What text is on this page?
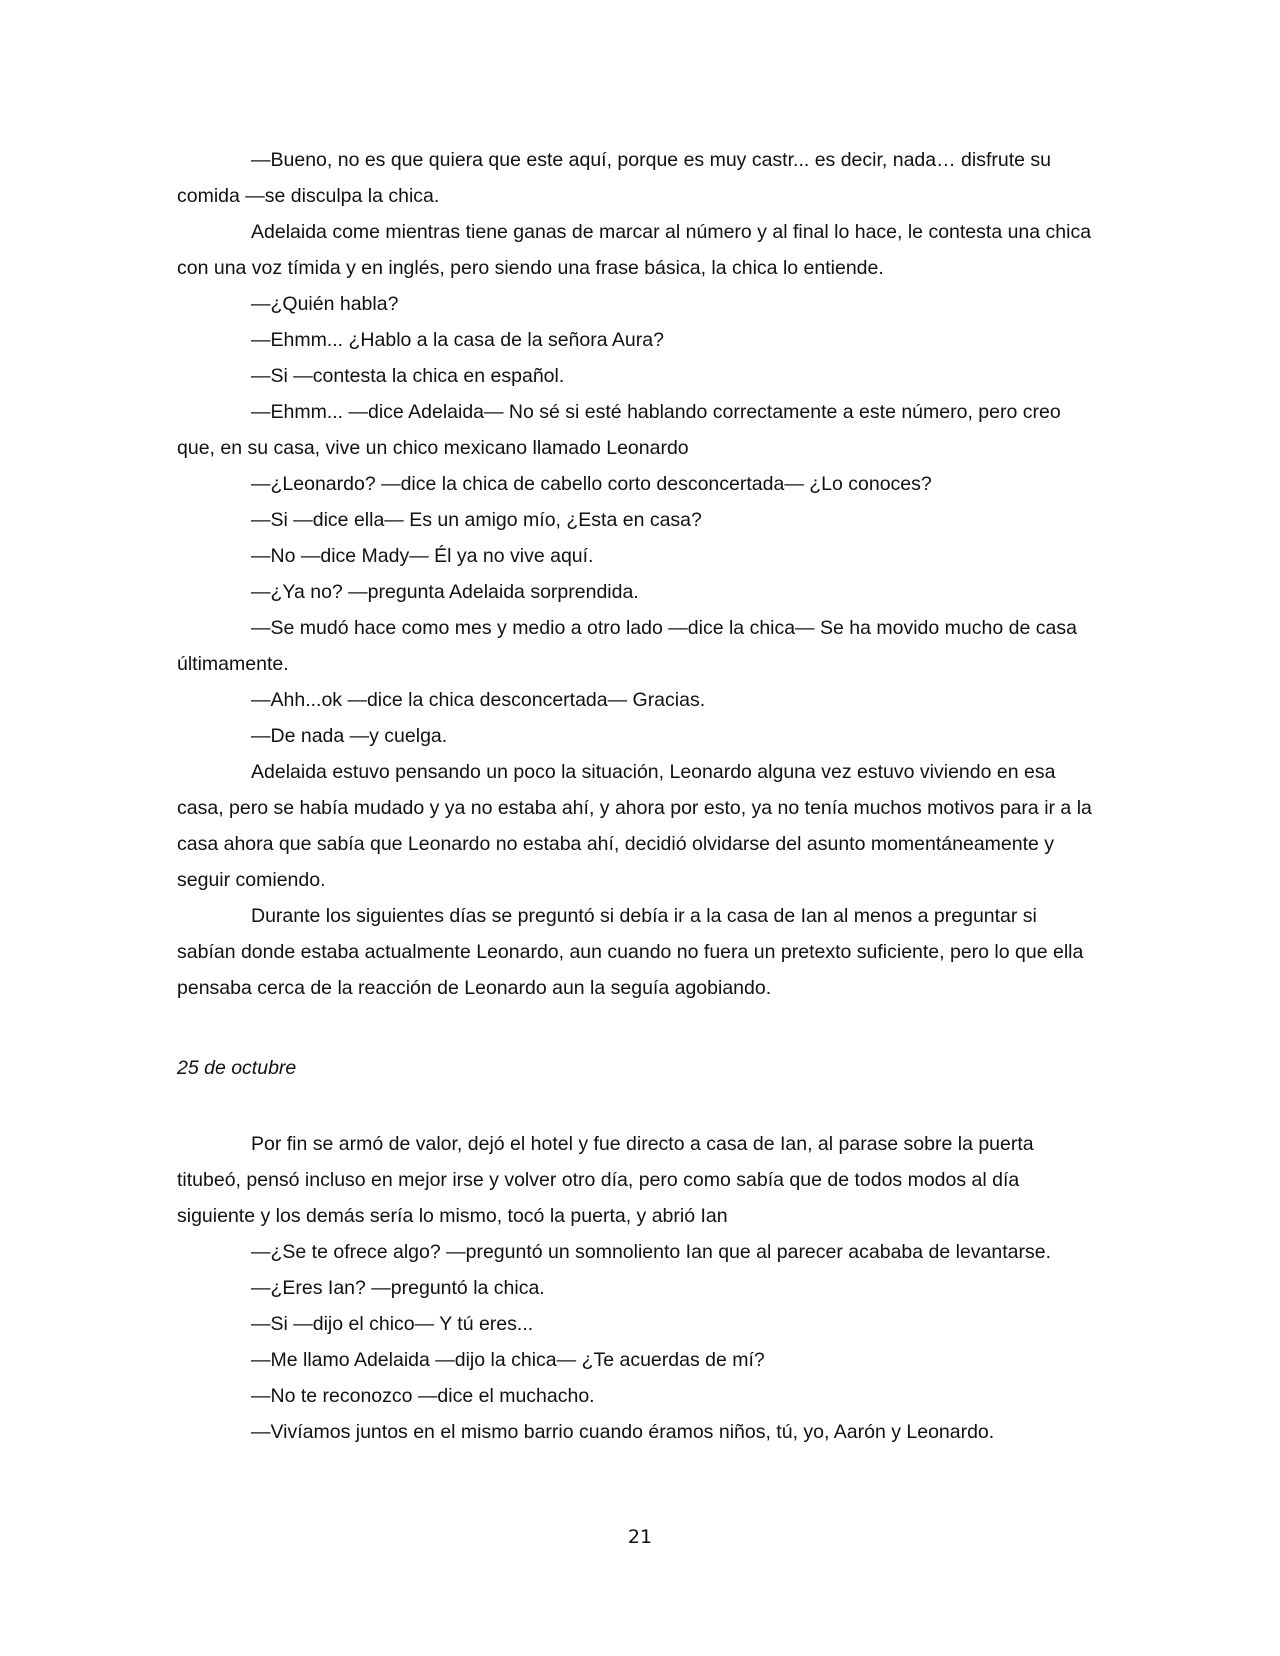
—Bueno, no es que quiera que este aquí, porque es muy castr... es decir, nada… disfrute su comida —se disculpa la chica.

Adelaida come mientras tiene ganas de marcar al número y al final lo hace, le contesta una chica con una voz tímida y en inglés, pero siendo una frase básica, la chica lo entiende.

—¿Quién habla?

—Ehmm... ¿Hablo a la casa de la señora Aura?

—Si —contesta la chica en español.

—Ehmm... —dice Adelaida— No sé si esté hablando correctamente a este número, pero creo que, en su casa, vive un chico mexicano llamado Leonardo

—¿Leonardo? —dice la chica de cabello corto desconcertada— ¿Lo conoces?

—Si —dice ella— Es un amigo mío, ¿Esta en casa?

—No —dice Mady— Él ya no vive aquí.

—¿Ya no? —pregunta Adelaida sorprendida.

—Se mudó hace como mes y medio a otro lado —dice la chica— Se ha movido mucho de casa últimamente.

—Ahh...ok —dice la chica desconcertada— Gracias.

—De nada —y cuelga.

Adelaida estuvo pensando un poco la situación, Leonardo alguna vez estuvo viviendo en esa casa, pero se había mudado y ya no estaba ahí, y ahora por esto, ya no tenía muchos motivos para ir a la casa ahora que sabía que Leonardo no estaba ahí, decidió olvidarse del asunto momentáneamente y seguir comiendo.

Durante los siguientes días se preguntó si debía ir a la casa de Ian al menos a preguntar si sabían donde estaba actualmente Leonardo, aun cuando no fuera un pretexto suficiente, pero lo que ella pensaba cerca de la reacción de Leonardo aun la seguía agobiando.

25 de octubre

Por fin se armó de valor, dejó el hotel y fue directo a casa de Ian, al parase sobre la puerta titubeó, pensó incluso en mejor irse y volver otro día, pero como sabía que de todos modos al día siguiente y los demás sería lo mismo, tocó la puerta, y abrió Ian

—¿Se te ofrece algo? —preguntó un somnoliento Ian que al parecer acababa de levantarse.

—¿Eres Ian? —preguntó la chica.

—Si —dijo el chico— Y tú eres...

—Me llamo Adelaida —dijo la chica— ¿Te acuerdas de mí?

—No te reconozco —dice el muchacho.

—Vivíamos juntos en el mismo barrio cuando éramos niños, tú, yo, Aarón y Leonardo.

21
